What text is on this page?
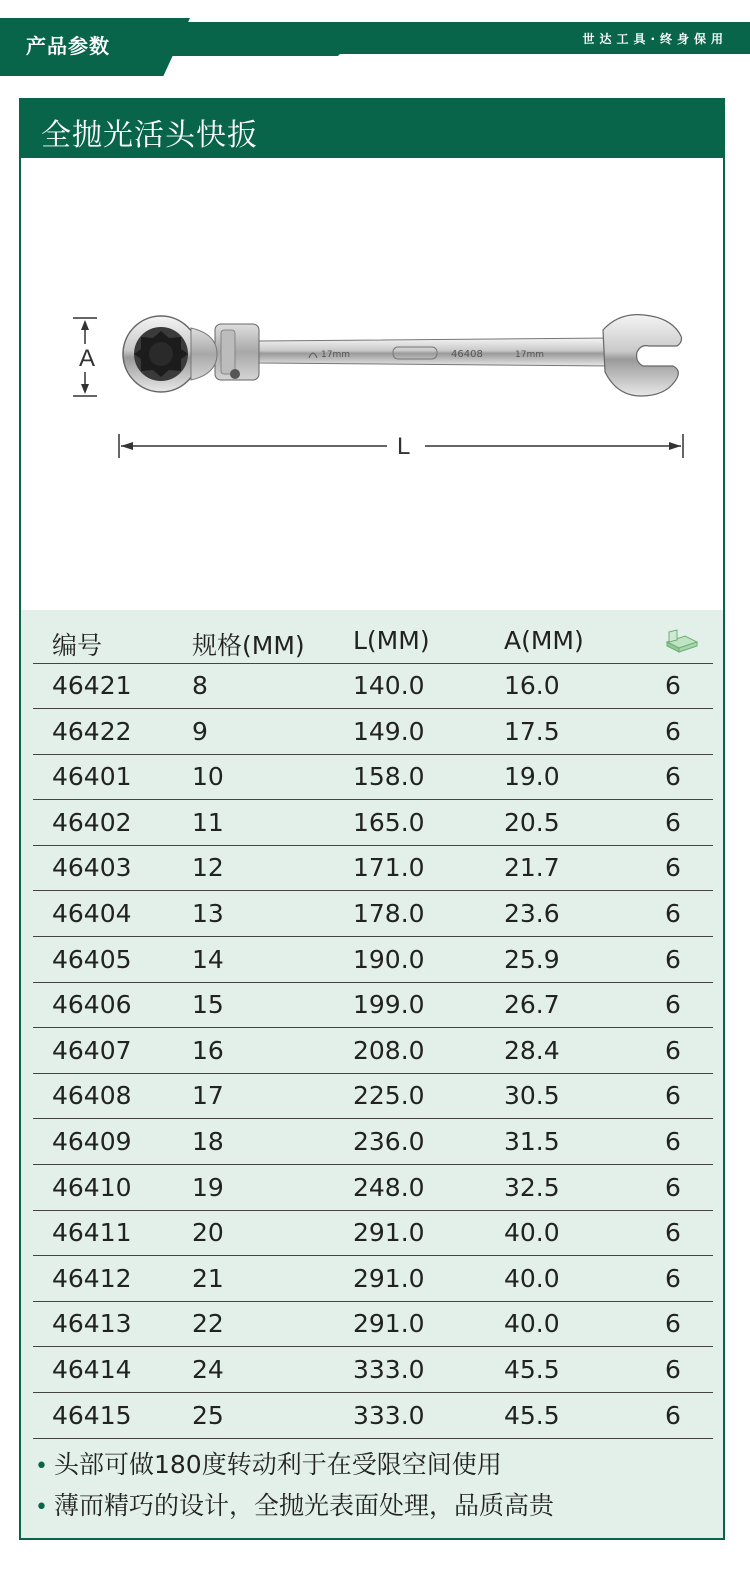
产品参数	世达工具·终身保用
全抛光活头快扳
A
L
17mm	46408	17mm
编号	规格(MM) L(MM)	A(MM)
46421 8	140.0	16.0	6
46422 9	149.0	17.5	6
46401 10	158.0	19.0	6
46402 11	165.0	20.5	6
46403 12	171.0	21.7	6
46404 13	178.0	23.6	6
46405 14	190.0	25.9	6
46406 15	199.0	26.7	6
46407 16	208.0	28.4	6
46408 17	225.0	30.5	6
46409 18	236.0	31.5	6
46410 19	248.0	32.5	6
46411 20	291.0	40.0	6
46412 21	291.0	40.0	6
46413 22	291.0	40.0	6
46414 24	333.0	45.5	6
46415 25	333.0	45.5	6
• 头部可做180度转动利于在受限空间使用
• 薄而精巧的设计，全抛光表面处理，品质高贵
